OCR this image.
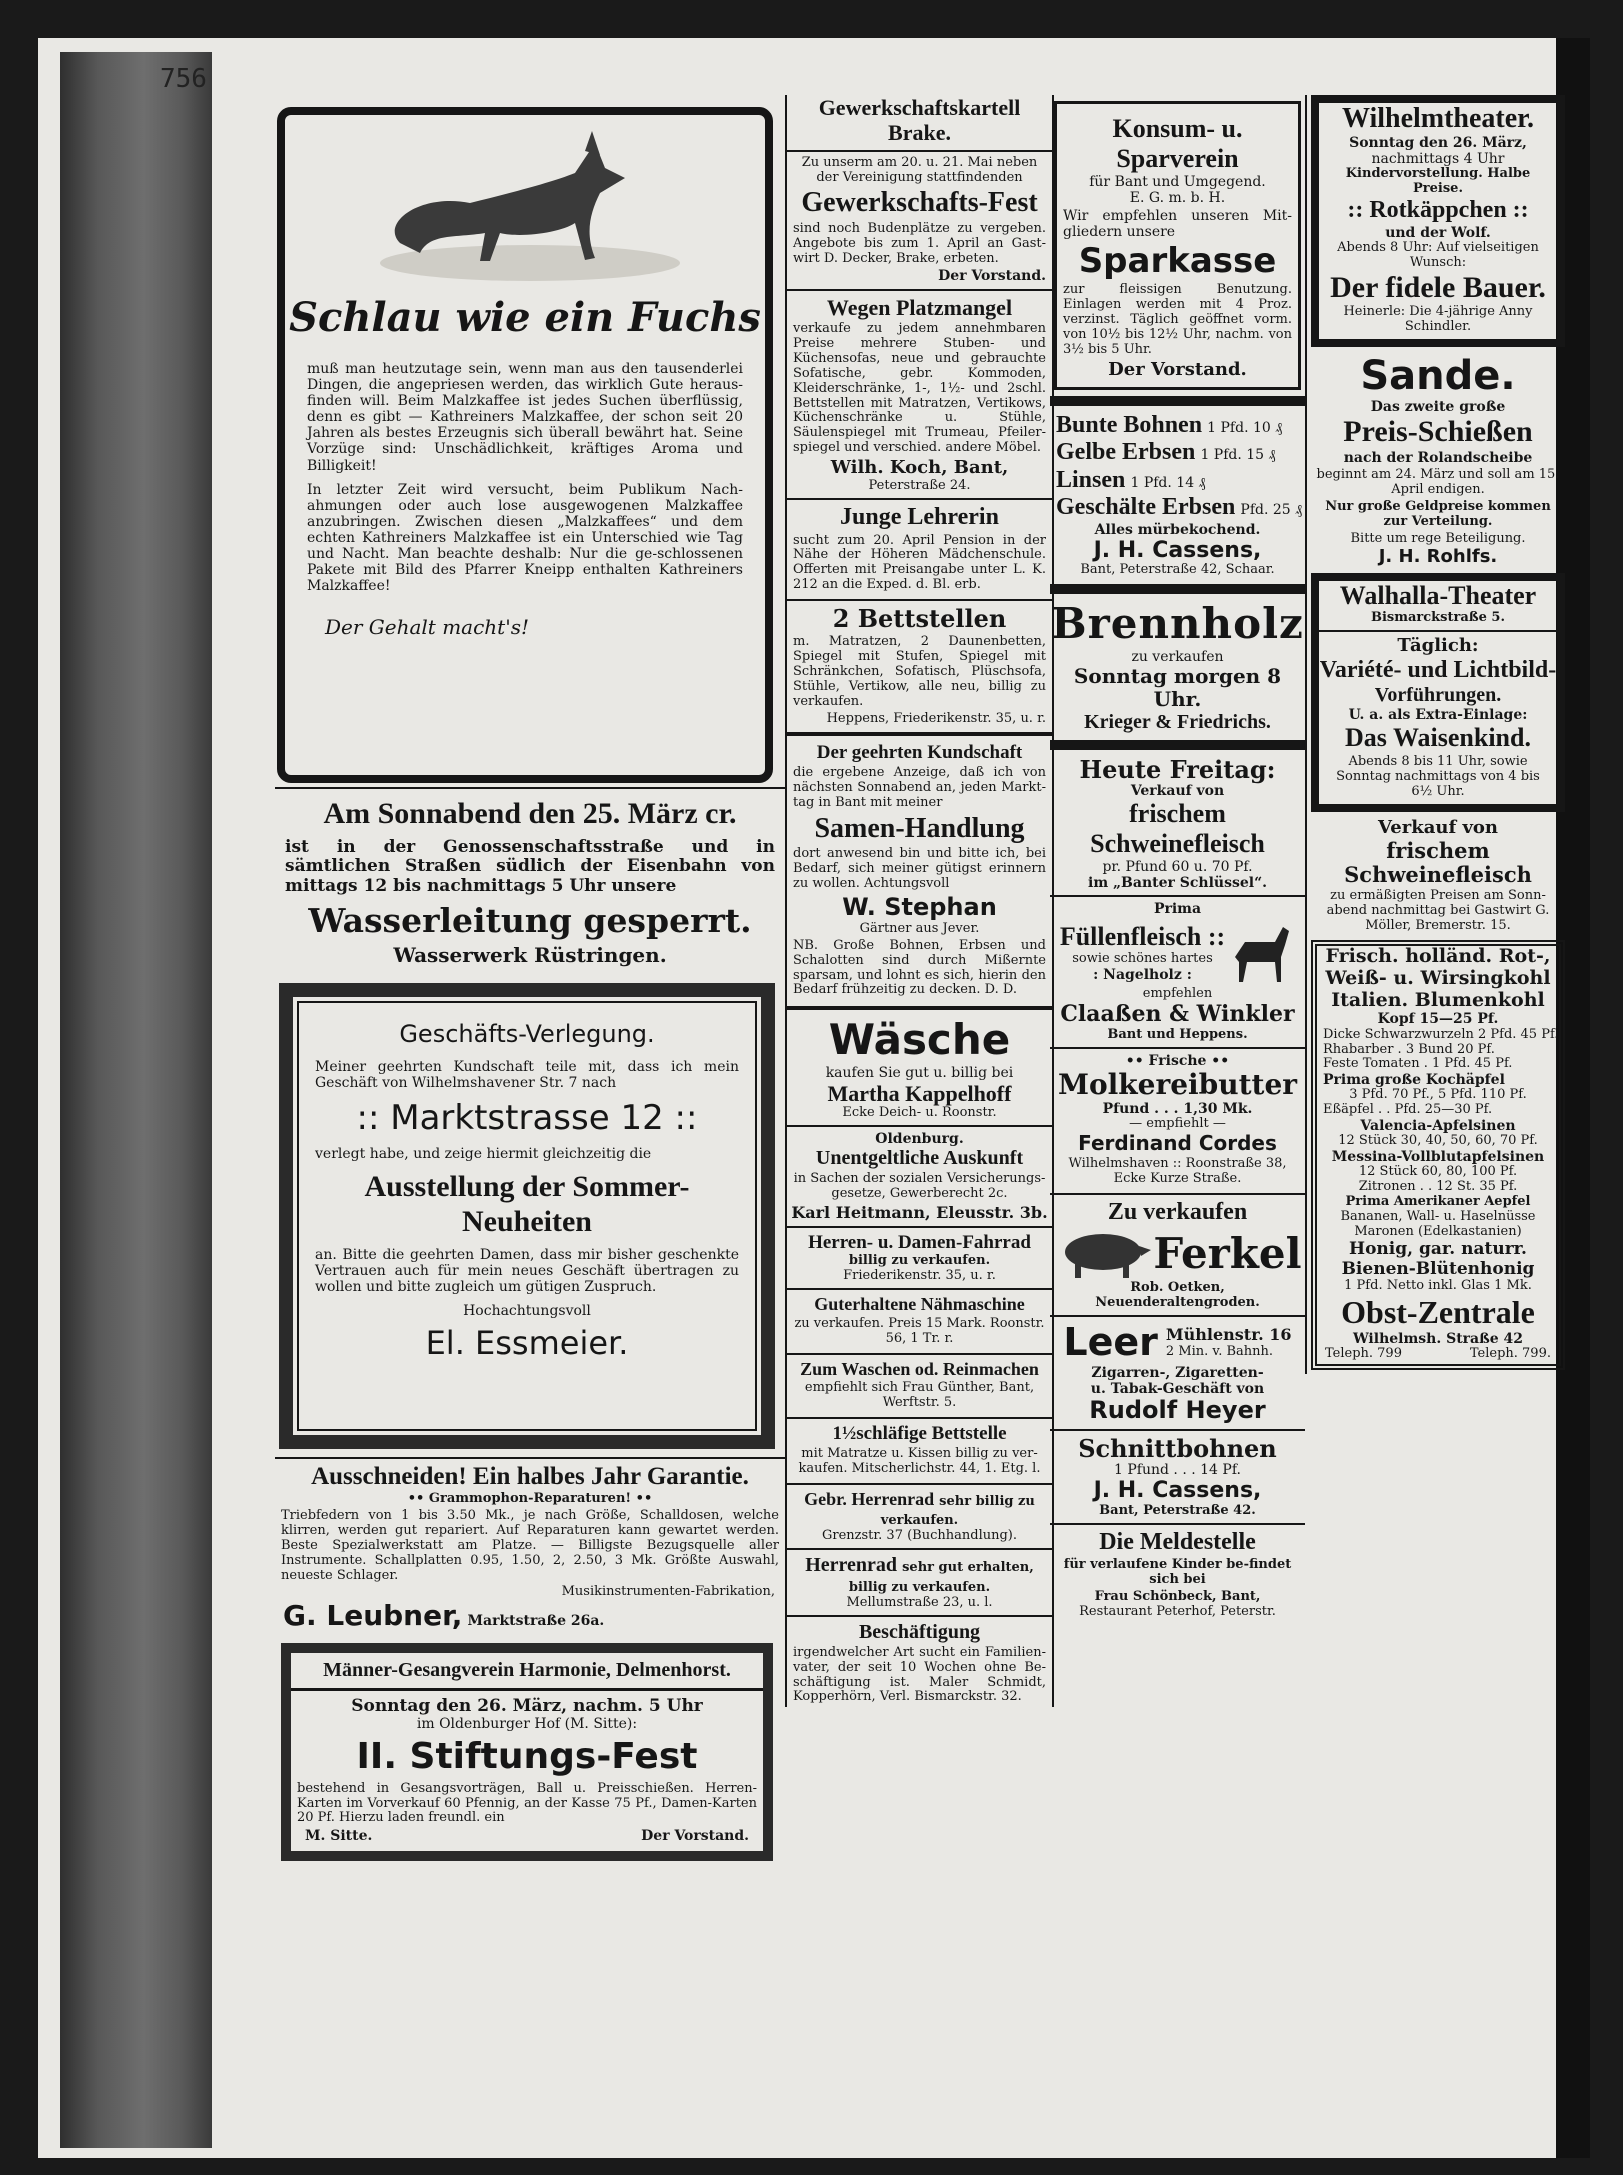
756
Schlau wie ein Fuchs

muß man heutzutage sein, wenn man aus den tausenderlei Dingen, die angepriesen werden, das wirklich Gute heraus-finden will. Beim Malzkaffee ist jedes Suchen überflüssig, denn es gibt — Kathreiners Malzkaffee, der schon seit 20 Jahren als bestes Erzeugnis sich überall bewährt hat. Seine Vorzüge sind: Unschädlichkeit, kräftiges Aroma und Billigkeit!

In letzter Zeit wird versucht, beim Publikum Nach-ahmungen oder auch lose ausgewogenen Malzkaffee anzubringen. Zwischen diesen „Malzkaffees“ und dem echten Kathreiners Malzkaffee ist ein Unterschied wie Tag und Nacht. Man beachte deshalb: Nur die ge-schlossenen Pakete mit Bild des Pfarrer Kneipp enthalten Kathreiners Malzkaffee!

Der Gehalt macht's!
Am Sonnabend den 25. März cr.

ist in der Genossenschaftsstraße und in sämtlichen Straßen südlich der Eisenbahn von mittags 12 bis nachmittags 5 Uhr unsere

Wasserleitung gesperrt.
Wasserwerk Rüstringen.
Geschäfts-Verlegung.

Meiner geehrten Kundschaft teile mit, dass ich mein Geschäft von Wilhelmshavener Str. 7 nach

:: Marktstrasse 12 ::

verlegt habe, und zeige hiermit gleichzeitig die

Ausstellung der Sommer-Neuheiten

an. Bitte die geehrten Damen, dass mir bisher geschenkte Vertrauen auch für mein neues Geschäft übertragen zu wollen und bitte zugleich um gütigen Zuspruch.

Hochachtungsvoll
El. Essmeier.
Ausschneiden! Ein halbes Jahr Garantie.
•• Grammophon-Reparaturen! ••

Triebfedern von 1 bis 3.50 Mk., je nach Größe, Schalldosen, welche klirren, werden gut repariert. Auf Reparaturen kann gewartet werden. Beste Spezialwerkstatt am Platze. — Billigste Bezugsquelle aller Instrumente. Schallplatten 0.95, 1.50, 2, 2.50, 3 Mk. Größte Auswahl, neueste Schlager.

Musikinstrumenten-Fabrikation,
G. Leubner, Marktstraße 26a.
Männer-Gesangverein Harmonie, Delmenhorst.
Sonntag den 26. März, nachm. 5 Uhr
im Oldenburger Hof (M. Sitte):
II. Stiftungs-Fest

bestehend in Gesangsvorträgen, Ball u. Preisschießen. Herren-Karten im Vorverkauf 60 Pfennig, an der Kasse 75 Pf., Damen-Karten 20 Pf. Hierzu laden freundl. ein

M. Sitte.	Der Vorstand.
Gewerkschaftskartell Brake.

Zu unserm am 20. u. 21. Mai neben der Vereinigung stattfindenden

Gewerkschafts-Fest

sind noch Budenplätze zu vergeben. Angebote bis zum 1. April an Gast-wirt D. Decker, Brake, erbeten.

Der Vorstand.
Wegen Platzmangel

verkaufe zu jedem annehmbaren Preise mehrere Stuben- und Küchensofas, neue und gebrauchte Sofatische, gebr. Kommoden, Kleiderschränke, 1-, 1½- und 2schl. Bettstellen mit Matratzen, Vertikows, Küchenschränke u. Stühle, Säulenspiegel mit Trumeau, Pfeiler-spiegel und verschied. andere Möbel.

Wilh. Koch, Bant,
Peterstraße 24.
Junge Lehrerin

sucht zum 20. April Pension in der Nähe der Höheren Mädchenschule. Offerten mit Preisangabe unter L. K. 212 an die Exped. d. Bl. erb.

2 Bettstellen

m. Matratzen, 2 Daunenbetten, Spiegel mit Stufen, Spiegel mit Schränkchen, Sofatisch, Plüschsofa, Stühle, Vertikow, alle neu, billig zu verkaufen.

Heppens, Friederikenstr. 35, u. r.
Der geehrten Kundschaft

die ergebene Anzeige, daß ich von nächsten Sonnabend an, jeden Markt-tag in Bant mit meiner

Samen-Handlung

dort anwesend bin und bitte ich, bei Bedarf, sich meiner gütigst erinnern zu wollen. Achtungsvoll

W. Stephan
Gärtner aus Jever.

NB. Große Bohnen, Erbsen und Schalotten sind durch Mißernte sparsam, und lohnt es sich, hierin den Bedarf frühzeitig zu decken. D. D.

Wäsche
kaufen Sie gut u. billig bei
Martha Kappelhoff
Ecke Deich- u. Roonstr.
Oldenburg.
Unentgeltliche Auskunft

in Sachen der sozialen Versicherungs-gesetze, Gewerberecht 2c.

Karl Heitmann, Eleusstr. 3b.
Herren- u. Damen-Fahrrad
billig zu verkaufen.
Friederikenstr. 35, u. r.
Guterhaltene Nähmaschine

zu verkaufen. Preis 15 Mark. Roonstr. 56, 1 Tr. r.

Zum Waschen od. Reinmachen

empfiehlt sich Frau Günther, Bant, Werftstr. 5.

1½schläfige Bettstelle

mit Matratze u. Kissen billig zu ver-kaufen. Mitscherlichstr. 44, 1. Etg. l.

Gebr. Herrenrad sehr billig zu verkaufen.
Grenzstr. 37 (Buchhandlung).
Herrenrad sehr gut erhalten, billig zu verkaufen.
Mellumstraße 23, u. l.
Beschäftigung

irgendwelcher Art sucht ein Familien-vater, der seit 10 Wochen ohne Be-schäftigung ist. Maler Schmidt, Kopperhörn, Verl. Bismarckstr. 32.

Konsum- u. Sparverein
für Bant und Umgegend.
E. G. m. b. H.

Wir empfehlen unseren Mit-gliedern unsere

Sparkasse

zur fleissigen Benutzung. Einlagen werden mit 4 Proz. verzinst. Täglich geöffnet vorm. von 10½ bis 12½ Uhr, nachm. von 3½ bis 5 Uhr.

Der Vorstand.
Bunte Bohnen 1 Pfd. 10 ₰
Gelbe Erbsen 1 Pfd. 15 ₰
Linsen 1 Pfd. 14 ₰
Geschälte Erbsen Pfd. 25 ₰
Alles mürbekochend.
J. H. Cassens,
Bant, Peterstraße 42, Schaar.
Brennholz
zu verkaufen
Sonntag morgen 8 Uhr.
Krieger & Friedrichs.
Heute Freitag:
Verkauf von
frischem Schweinefleisch
pr. Pfund 60 u. 70 Pf.
im „Banter Schlüssel“.
Prima
Füllenfleisch ::
sowie schönes hartes
: Nagelholz :
empfehlen
Claaßen & Winkler
Bant und Heppens.
•• Frische ••
Molkereibutter
Pfund . . . 1,30 Mk.
— empfiehlt —
Ferdinand Cordes

Wilhelmshaven :: Roonstraße 38, Ecke Kurze Straße.

Zu verkaufen
Ferkel
Rob. Oetken, Neuenderaltengroden.
Leer Mühlenstr. 16
2 Min. v. Bahnh.
Zigarren-, Zigaretten-
u. Tabak-Geschäft von
Rudolf Heyer
Schnittbohnen
1 Pfund . . . 14 Pf.
J. H. Cassens,
Bant, Peterstraße 42.
Die Meldestelle

für verlaufene Kinder be-findet sich bei

Frau Schönbeck, Bant,
Restaurant Peterhof, Peterstr.
Wilhelmtheater.
Sonntag den 26. März,
nachmittags 4 Uhr
Kindervorstellung. Halbe Preise.
:: Rotkäppchen ::
und der Wolf.
Abends 8 Uhr: Auf vielseitigen Wunsch:
Der fidele Bauer.
Heinerle: Die 4-jährige Anny Schindler.
Sande.
Das zweite große
Preis-Schießen
nach der Rolandscheibe

beginnt am 24. März und soll am 15. April endigen.

Nur große Geldpreise kommen zur Verteilung.

Bitte um rege Beteiligung.
J. H. Rohlfs.
Walhalla-Theater
Bismarckstraße 5.
Täglich:
Variété- und Lichtbild-
Vorführungen.
U. a. als Extra-Einlage:
Das Waisenkind.

Abends 8 bis 11 Uhr, sowie Sonntag nachmittags von 4 bis 6½ Uhr.

Verkauf von
frischem Schweinefleisch

zu ermäßigten Preisen am Sonn-abend nachmittag bei Gastwirt G. Möller, Bremerstr. 15.

Frisch. holländ. Rot-,
Weiß- u. Wirsingkohl
Italien. Blumenkohl
Kopf 15—25 Pf.
Dicke Schwarzwurzeln 2 Pfd. 45 Pf.
Rhabarber . 3 Bund 20 Pf.
Feste Tomaten . 1 Pfd. 45 Pf.
Prima große Kochäpfel
3 Pfd. 70 Pf., 5 Pfd. 110 Pf.
Eßäpfel . . Pfd. 25—30 Pf.
Valencia-Apfelsinen
12 Stück 30, 40, 50, 60, 70 Pf.
Messina-Vollblutapfelsinen
12 Stück 60, 80, 100 Pf.
Zitronen . . 12 St. 35 Pf.
Prima Amerikaner Aepfel
Bananen, Wall- u. Haselnüsse
Maronen (Edelkastanien)
Honig, gar. naturr.
Bienen-Blütenhonig
1 Pfd. Netto inkl. Glas 1 Mk.
Obst-Zentrale
Wilhelmsh. Straße 42
Teleph. 799	Teleph. 799.
